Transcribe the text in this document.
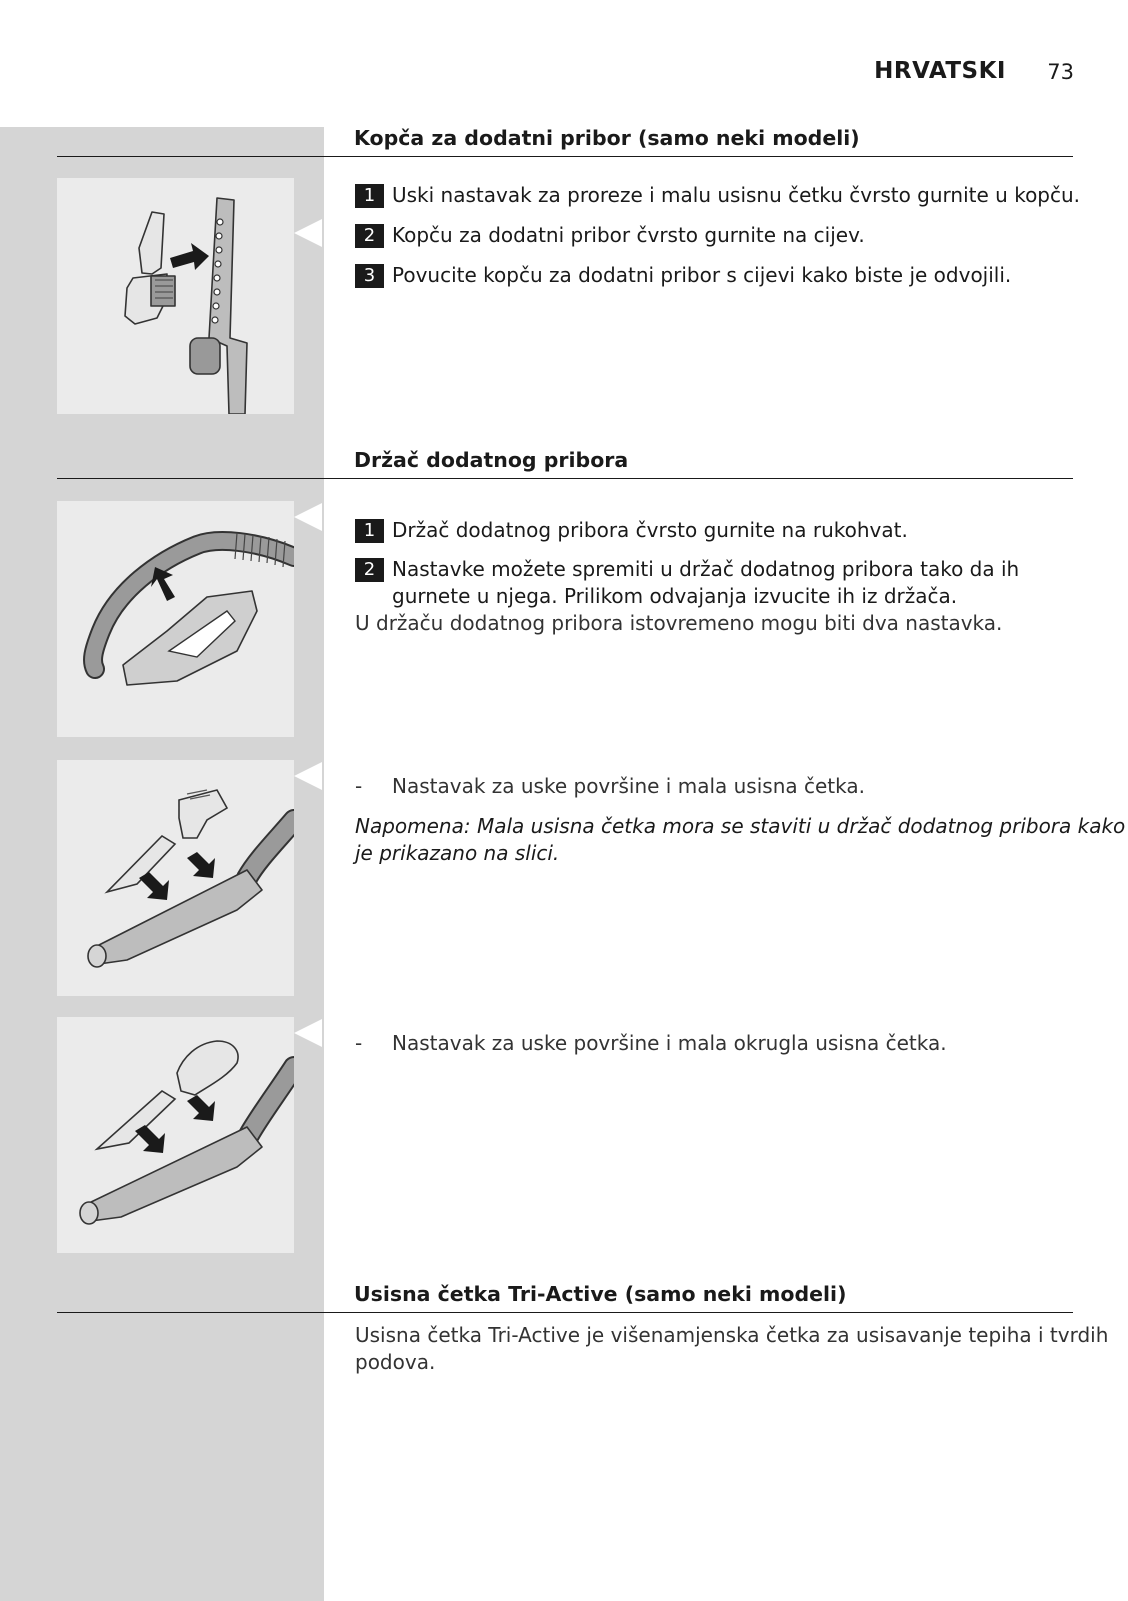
HRVATSKI 73
Kopča za dodatni pribor (samo neki modeli)
1 Uski nastavak za proreze i malu usisnu četku čvrsto gurnite u kopču.
2 Kopču za dodatni pribor čvrsto gurnite na cijev.
3 Povucite kopču za dodatni pribor s cijevi kako biste je odvojili.
Držač dodatnog pribora
1 Držač dodatnog pribora čvrsto gurnite na rukohvat.
2 Nastavke možete spremiti u držač dodatnog pribora tako da ih
gurnete u njega. Prilikom odvajanja izvucite ih iz držača.
U držaču dodatnog pribora istovremeno mogu biti dva nastavka.
- Nastavak za uske površine i mala usisna četka.
Napomena: Mala usisna četka mora se staviti u držač dodatnog pribora kako
je prikazano na slici.
- Nastavak za uske površine i mala okrugla usisna četka.
Usisna četka Tri-Active (samo neki modeli)
Usisna četka Tri-Active je višenamjenska četka za usisavanje tepiha i tvrdih
podova.
